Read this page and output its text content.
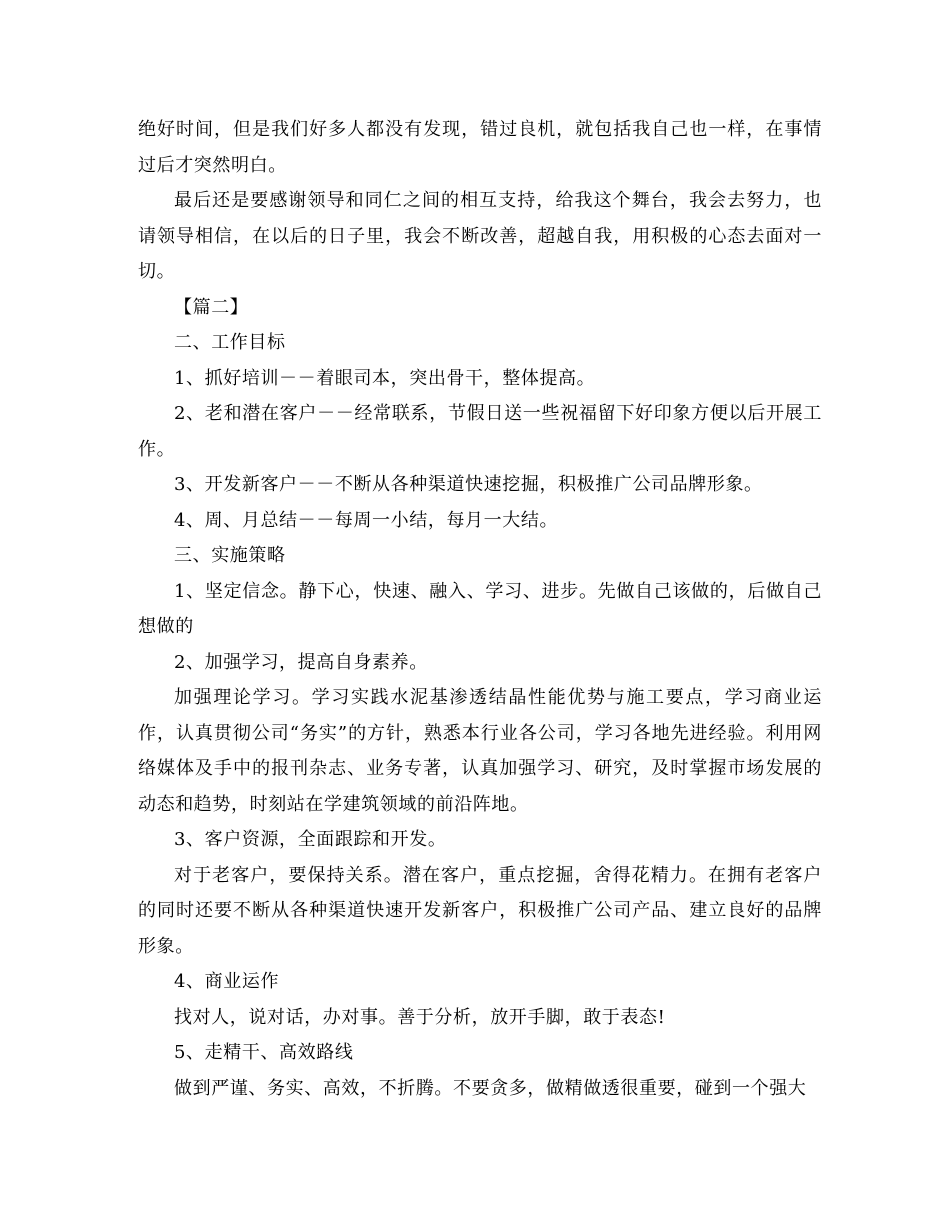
绝好时间，但是我们好多人都没有发现，错过良机，就包括我自己也一样，在事情过后才突然明白。

最后还是要感谢领导和同仁之间的相互支持，给我这个舞台，我会去努力，也请领导相信，在以后的日子里，我会不断改善，超越自我，用积极的心态去面对一切。

【篇二】

二、工作目标

1、抓好培训－－着眼司本，突出骨干，整体提高。

2、老和潜在客户－－经常联系，节假日送一些祝福留下好印象方便以后开展工作。

3、开发新客户－－不断从各种渠道快速挖掘，积极推广公司品牌形象。

4、周、月总结－－每周一小结，每月一大结。

三、实施策略

1、坚定信念。静下心，快速、融入、学习、进步。先做自己该做的，后做自己想做的

2、加强学习，提高自身素养。

加强理论学习。学习实践水泥基渗透结晶性能优势与施工要点，学习商业运作，认真贯彻公司“务实”的方针，熟悉本行业各公司，学习各地先进经验。利用网络媒体及手中的报刊杂志、业务专著，认真加强学习、研究，及时掌握市场发展的动态和趋势，时刻站在学建筑领域的前沿阵地。

3、客户资源，全面跟踪和开发。

对于老客户，要保持关系。潜在客户，重点挖掘，舍得花精力。在拥有老客户的同时还要不断从各种渠道快速开发新客户，积极推广公司产品、建立良好的品牌形象。

4、商业运作

找对人，说对话，办对事。善于分析，放开手脚，敢于表态!

5、走精干、高效路线

做到严谨、务实、高效，不折腾。不要贪多，做精做透很重要，碰到一个强大
